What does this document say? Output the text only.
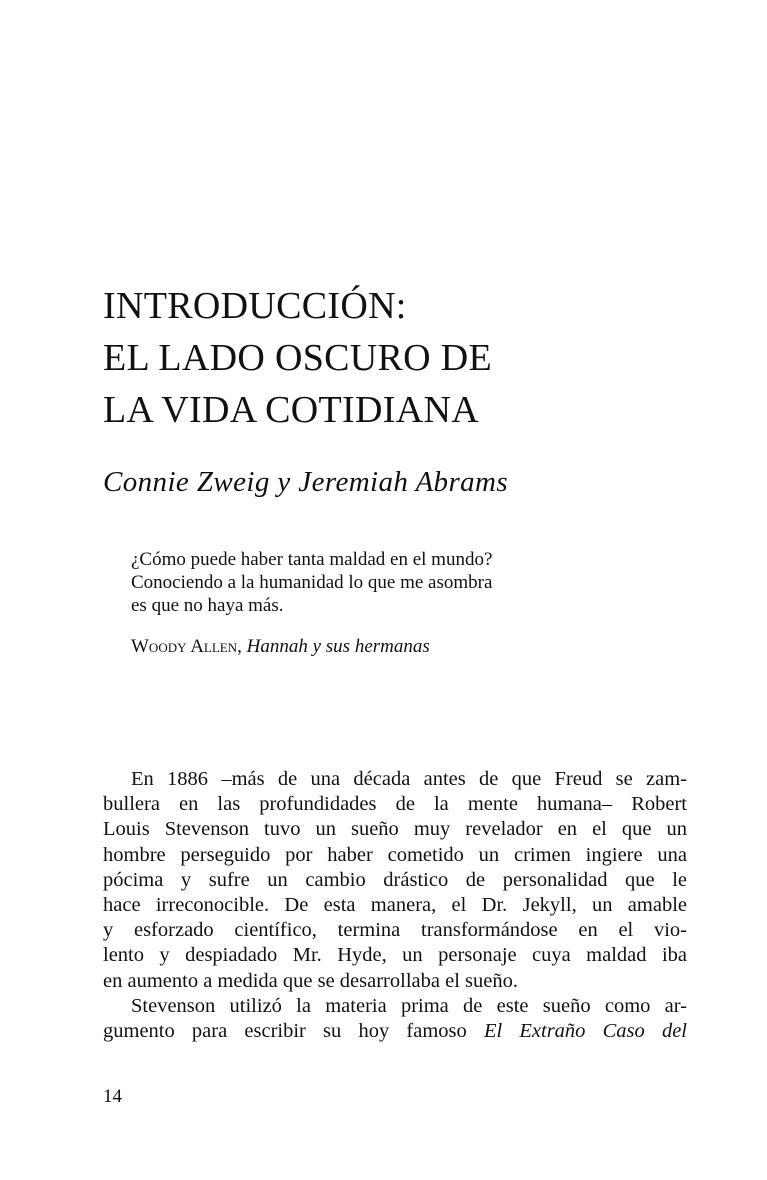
INTRODUCCIÓN:
EL LADO OSCURO DE
LA VIDA COTIDIANA

Connie Zweig y Jeremiah Abrams

¿Cómo puede haber tanta maldad en el mundo?
Conociendo a la humanidad lo que me asombra
es que no haya más.
Woody Allen, Hannah y sus hermanas
En 1886 –más de una década antes de que Freud se zam-
bullera en las profundidades de la mente humana– Robert
Louis Stevenson tuvo un sueño muy revelador en el que un
hombre perseguido por haber cometido un crimen ingiere una
pócima y sufre un cambio drástico de personalidad que le
hace irreconocible. De esta manera, el Dr. Jekyll, un amable
y esforzado científico, termina transformándose en el vio-
lento y despiadado Mr. Hyde, un personaje cuya maldad iba
en aumento a medida que se desarrollaba el sueño.
Stevenson utilizó la materia prima de este sueño como ar-
gumento para escribir su hoy famoso El Extraño Caso del
14
